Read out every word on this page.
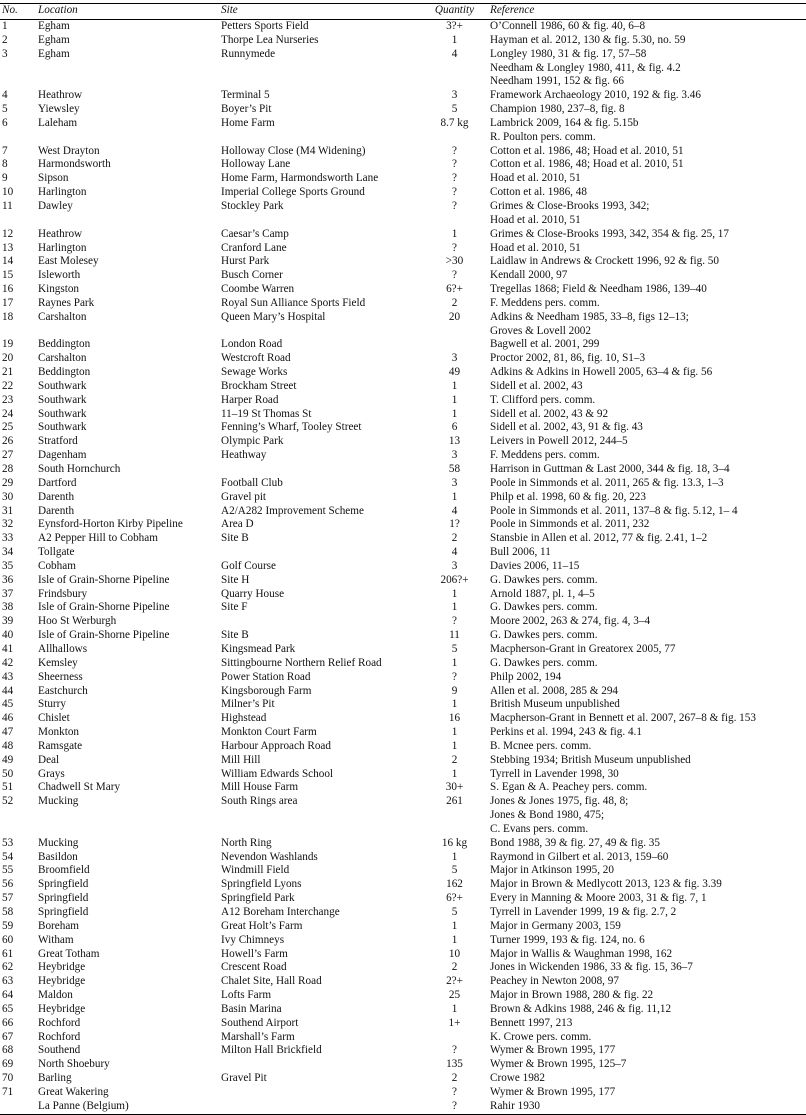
No.	Location	Site	Quantity	Reference
1	Egham	Petters Sports Field	3?+	O’Connell 1986, 60 & fig. 40, 6–8

2	Egham	Thorpe Lea Nurseries	1	Hayman et al. 2012, 130 & fig. 5.30, no. 59

3	Egham	Runnymede	4	Longley 1980, 31 & fig. 17, 57–58
Needham & Longley 1980, 411, & fig. 4.2
Needham 1991, 152 & fig. 66

4	Heathrow	Terminal 5	3	Framework Archaeology 2010, 192 & fig. 3.46

5	Yiewsley	Boyer’s Pit	5	Champion 1980, 237–8, fig. 8

6	Laleham	Home Farm	8.7 kg	Lambrick 2009, 164 & fig. 5.15b
R. Poulton pers. comm.

7	West Drayton	Holloway Close (M4 Widening)	?	Cotton et al. 1986, 48; Hoad et al. 2010, 51

8	Harmondsworth	Holloway Lane	?	Cotton et al. 1986, 48; Hoad et al. 2010, 51

9	Sipson	Home Farm, Harmondsworth Lane	?	Hoad et al. 2010, 51

10	Harlington	Imperial College Sports Ground	?	Cotton et al. 1986, 48

11	Dawley	Stockley Park	?	Grimes & Close-Brooks 1993, 342;
Hoad et al. 2010, 51

12	Heathrow	Caesar’s Camp	1	Grimes & Close-Brooks 1993, 342, 354 & fig. 25, 17

13	Harlington	Cranford Lane	?	Hoad et al. 2010, 51

14	East Molesey	Hurst Park	>30	Laidlaw in Andrews & Crockett 1996, 92 & fig. 50

15	Isleworth	Busch Corner	?	Kendall 2000, 97

16	Kingston	Coombe Warren	6?+	Tregellas 1868; Field & Needham 1986, 139–40

17	Raynes Park	Royal Sun Alliance Sports Field	2	F. Meddens pers. comm.

18	Carshalton	Queen Mary’s Hospital	20	Adkins & Needham 1985, 33–8, figs 12–13;
Groves & Lovell 2002

19	Beddington	London Road		Bagwell et al. 2001, 299

20	Carshalton	Westcroft Road	3	Proctor 2002, 81, 86, fig. 10, S1–3

21	Beddington	Sewage Works	49	Adkins & Adkins in Howell 2005, 63–4 & fig. 56

22	Southwark	Brockham Street	1	Sidell et al. 2002, 43

23	Southwark	Harper Road	1	T. Clifford pers. comm.

24	Southwark	11–19 St Thomas St	1	Sidell et al. 2002, 43 & 92

25	Southwark	Fenning’s Wharf, Tooley Street	6	Sidell et al. 2002, 43, 91 & fig. 43

26	Stratford	Olympic Park	13	Leivers in Powell 2012, 244–5

27	Dagenham	Heathway	3	F. Meddens pers. comm.

28	South Hornchurch		58	Harrison in Guttman & Last 2000, 344 & fig. 18, 3–4

29	Dartford	Football Club	3	Poole in Simmonds et al. 2011, 265 & fig. 13.3, 1–3

30	Darenth	Gravel pit	1	Philp et al. 1998, 60 & fig. 20, 223

31	Darenth	A2/A282 Improvement Scheme	4	Poole in Simmonds et al. 2011, 137–8 & fig. 5.12, 1– 4

32	Eynsford-Horton Kirby Pipeline	Area D	1?	Poole in Simmonds et al. 2011, 232

33	A2 Pepper Hill to Cobham	Site B	2	Stansbie in Allen et al. 2012, 77 & fig. 2.41, 1–2

34	Tollgate		4	Bull 2006, 11

35	Cobham	Golf Course	3	Davies 2006, 11–15

36	Isle of Grain-Shorne Pipeline	Site H	206?+	G. Dawkes pers. comm.

37	Frindsbury	Quarry House	1	Arnold 1887, pl. 1, 4–5

38	Isle of Grain-Shorne Pipeline	Site F	1	G. Dawkes pers. comm.

39	Hoo St Werburgh		?	Moore 2002, 263 & 274, fig. 4, 3–4

40	Isle of Grain-Shorne Pipeline	Site B	11	G. Dawkes pers. comm.

41	Allhallows	Kingsmead Park	5	Macpherson-Grant in Greatorex 2005, 77

42	Kemsley	Sittingbourne Northern Relief Road	1	G. Dawkes pers. comm.

43	Sheerness	Power Station Road	?	Philp 2002, 194

44	Eastchurch	Kingsborough Farm	9	Allen et al. 2008, 285 & 294

45	Sturry	Milner’s Pit	1	British Museum unpublished

46	Chislet	Highstead	16	Macpherson-Grant in Bennett et al. 2007, 267–8 & fig. 153

47	Monkton	Monkton Court Farm	1	Perkins et al. 1994, 243 & fig. 4.1

48	Ramsgate	Harbour Approach Road	1	B. Mcnee pers. comm.

49	Deal	Mill Hill	2	Stebbing 1934; British Museum unpublished

50	Grays	William Edwards School	1	Tyrrell in Lavender 1998, 30

51	Chadwell St Mary	Mill House Farm	30+	S. Egan & A. Peachey pers. comm.

52	Mucking	South Rings area	261	Jones & Jones 1975, fig. 48, 8;
Jones & Bond 1980, 475;
C. Evans pers. comm.

53	Mucking	North Ring	16 kg	Bond 1988, 39 & fig. 27, 49 & fig. 35

54	Basildon	Nevendon Washlands	1	Raymond in Gilbert et al. 2013, 159–60

55	Broomfield	Windmill Field	5	Major in Atkinson 1995, 20

56	Springfield	Springfield Lyons	162	Major in Brown & Medlycott 2013, 123 & fig. 3.39

57	Springfield	Springfield Park	6?+	Every in Manning & Moore 2003, 31 & fig. 7, 1

58	Springfield	A12 Boreham Interchange	5	Tyrrell in Lavender 1999, 19 & fig. 2.7, 2

59	Boreham	Great Holt’s Farm	1	Major in Germany 2003, 159

60	Witham	Ivy Chimneys	1	Turner 1999, 193 & fig. 124, no. 6

61	Great Totham	Howell’s Farm	10	Major in Wallis & Waughman 1998, 162

62	Heybridge	Crescent Road	2	Jones in Wickenden 1986, 33 & fig. 15, 36–7

63	Heybridge	Chalet Site, Hall Road	2?+	Peachey in Newton 2008, 97

64	Maldon	Lofts Farm	25	Major in Brown 1988, 280 & fig. 22

65	Heybridge	Basin Marina	1	Brown & Adkins 1988, 246 & fig. 11,12

66	Rochford	Southend Airport	1+	Bennett 1997, 213

67	Rochford	Marshall’s Farm		K. Crowe pers. comm.

68	Southend	Milton Hall Brickfield	?	Wymer & Brown 1995, 177

69	North Shoebury		135	Wymer & Brown 1995, 125–7

70	Barling	Gravel Pit	2	Crowe 1982

71	Great Wakering		?	Wymer & Brown 1995, 177

	La Panne (Belgium)		?	Rahir 1930
